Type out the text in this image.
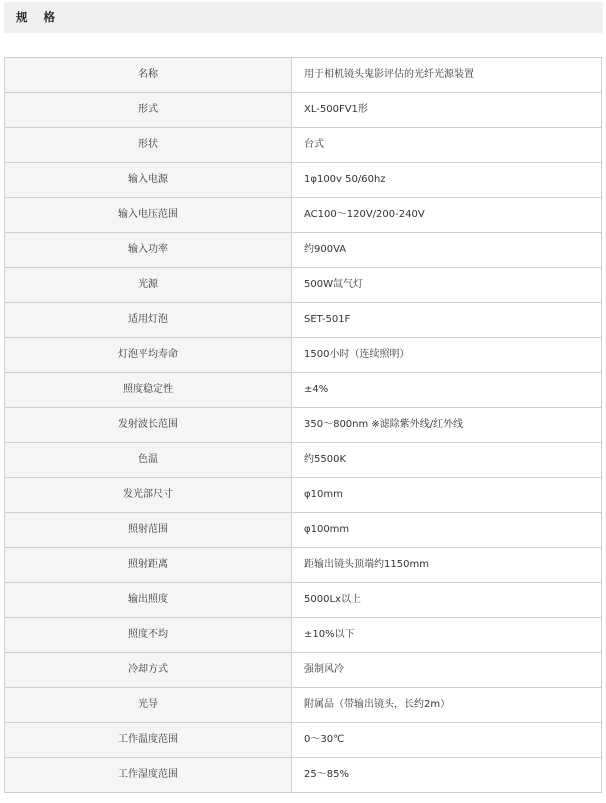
规 格
名称	用于相机镜头鬼影评估的光纤光源装置
形式	XL-500FV1形
形状	台式
输入电源	1φ100v 50/60hz
输入电压范围	AC100～120V/200-240V
输入功率	约900VA
光源	500W氙气灯
适用灯泡	SET-501F
灯泡平均寿命	1500小时（连续照明）
照度稳定性	±4%
发射波长范围	350～800nm ※滤除紫外线/红外线
色温	约5500K
发光部尺寸	φ10mm
照射范围	φ100mm
照射距离	距输出镜头顶端约1150mm
输出照度	5000Lx以上
照度不均	±10%以下
冷却方式	强制风冷
光导	附属品（带输出镜头，长约2m）
工作温度范围	0～30℃
工作湿度范围	25～85%
